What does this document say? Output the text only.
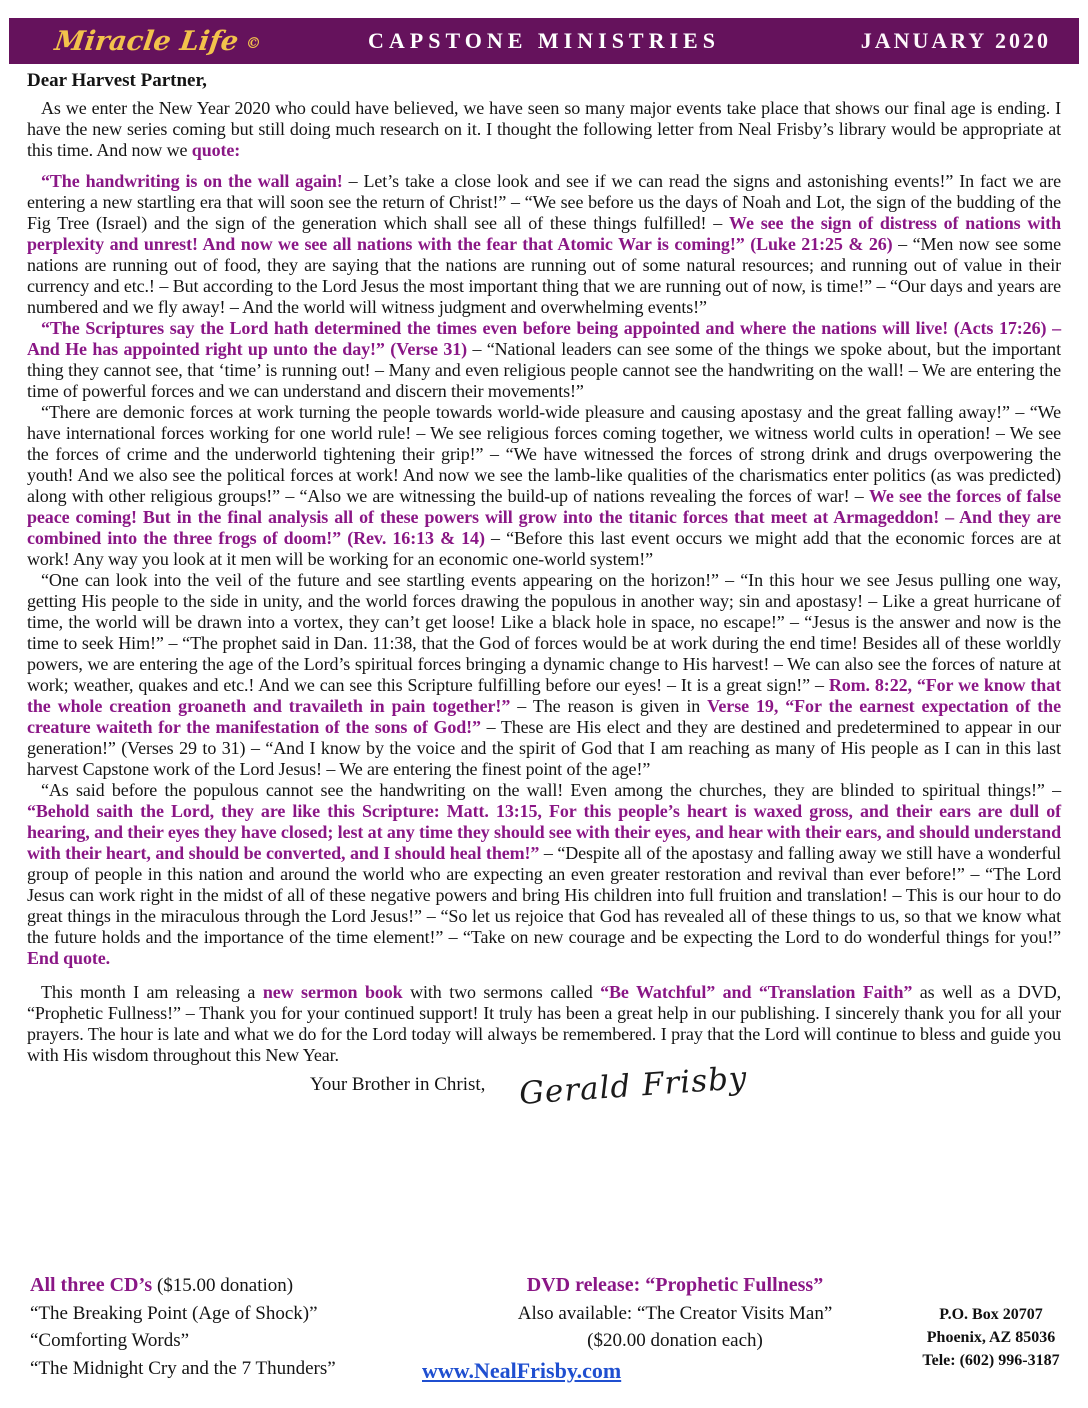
Miracle Life ©	CAPSTONE MINISTRIES	JANUARY 2020
Dear Harvest Partner,

As we enter the New Year 2020 who could have believed, we have seen so many major events take place that shows our final age is ending. I have the new series coming but still doing much research on it. I thought the following letter from Neal Frisby’s library would be appropriate at this time. And now we quote:

“The handwriting is on the wall again! – Let’s take a close look and see if we can read the signs and astonishing events!” In fact we are entering a new startling era that will soon see the return of Christ!” – “We see before us the days of Noah and Lot, the sign of the budding of the Fig Tree (Israel) and the sign of the generation which shall see all of these things fulfilled! – We see the sign of distress of nations with perplexity and unrest! And now we see all nations with the fear that Atomic War is coming!” (Luke 21:25 & 26) – “Men now see some nations are running out of food, they are saying that the nations are running out of some natural resources; and running out of value in their currency and etc.! – But according to the Lord Jesus the most important thing that we are running out of now, is time!” – “Our days and years are numbered and we fly away! – And the world will witness judgment and overwhelming events!”

“The Scriptures say the Lord hath determined the times even before being appointed and where the nations will live! (Acts 17:26) – And He has appointed right up unto the day!” (Verse 31) – “National leaders can see some of the things we spoke about, but the important thing they cannot see, that ‘time’ is running out! – Many and even religious people cannot see the handwriting on the wall! – We are entering the time of powerful forces and we can understand and discern their movements!”

“There are demonic forces at work turning the people towards world-wide pleasure and causing apostasy and the great falling away!” – “We have international forces working for one world rule! – We see religious forces coming together, we witness world cults in operation! – We see the forces of crime and the underworld tightening their grip!” – “We have witnessed the forces of strong drink and drugs overpowering the youth! And we also see the political forces at work! And now we see the lamb-like qualities of the charismatics enter politics (as was predicted) along with other religious groups!” – “Also we are witnessing the build-up of nations revealing the forces of war! – We see the forces of false peace coming! But in the final analysis all of these powers will grow into the titanic forces that meet at Armageddon! – And they are combined into the three frogs of doom!” (Rev. 16:13 & 14) – “Before this last event occurs we might add that the economic forces are at work! Any way you look at it men will be working for an economic one-world system!”

“One can look into the veil of the future and see startling events appearing on the horizon!” – “In this hour we see Jesus pulling one way, getting His people to the side in unity, and the world forces drawing the populous in another way; sin and apostasy! – Like a great hurricane of time, the world will be drawn into a vortex, they can’t get loose! Like a black hole in space, no escape!” – “Jesus is the answer and now is the time to seek Him!” – “The prophet said in Dan. 11:38, that the God of forces would be at work during the end time! Besides all of these worldly powers, we are entering the age of the Lord’s spiritual forces bringing a dynamic change to His harvest! – We can also see the forces of nature at work; weather, quakes and etc.! And we can see this Scripture fulfilling before our eyes! – It is a great sign!” – Rom. 8:22, “For we know that the whole creation groaneth and travaileth in pain together!” – The reason is given in Verse 19, “For the earnest expectation of the creature waiteth for the manifestation of the sons of God!” – These are His elect and they are destined and predetermined to appear in our generation!” (Verses 29 to 31) – “And I know by the voice and the spirit of God that I am reaching as many of His people as I can in this last harvest Capstone work of the Lord Jesus! – We are entering the finest point of the age!”

“As said before the populous cannot see the handwriting on the wall! Even among the churches, they are blinded to spiritual things!” – “Behold saith the Lord, they are like this Scripture: Matt. 13:15, For this people’s heart is waxed gross, and their ears are dull of hearing, and their eyes they have closed; lest at any time they should see with their eyes, and hear with their ears, and should understand with their heart, and should be converted, and I should heal them!” – “Despite all of the apostasy and falling away we still have a wonderful group of people in this nation and around the world who are expecting an even greater restoration and revival than ever before!” – “The Lord Jesus can work right in the midst of all of these negative powers and bring His children into full fruition and translation! – This is our hour to do great things in the miraculous through the Lord Jesus!” – “So let us rejoice that God has revealed all of these things to us, so that we know what the future holds and the importance of the time element!” – “Take on new courage and be expecting the Lord to do wonderful things for you!” End quote.

This month I am releasing a new sermon book with two sermons called “Be Watchful” and “Translation Faith” as well as a DVD, “Prophetic Fullness!” – Thank you for your continued support! It truly has been a great help in our publishing. I sincerely thank you for all your prayers. The hour is late and what we do for the Lord today will always be remembered. I pray that the Lord will continue to bless and guide you with His wisdom throughout this New Year.

Your Brother in Christ, Gerald Frisby
All three CD’s ($15.00 donation)
“The Breaking Point (Age of Shock)”
“Comforting Words”
“The Midnight Cry and the 7 Thunders”
DVD release: “Prophetic Fullness”
Also available: “The Creator Visits Man”
($20.00 donation each)
www.NealFrisby.com
P.O. Box 20707
Phoenix, AZ 85036
Tele: (602) 996-3187
